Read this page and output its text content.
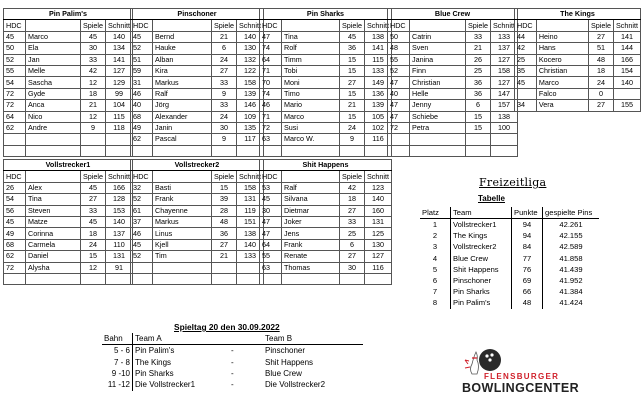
Pin Palim's			
HDC		Spiele	Schnitt
45	Marco	45	140
50	Ela	30	134
52	Jan	33	141
55	Melle	42	127
54	Sascha	12	129
72	Gyde	18	99
72	Anca	21	104
64	Nico	12	115
62	Andre	9	118

Pinschoner			
HDC		Spiele	Schnitt
45	Bernd	21	140
52	Hauke	6	130
51	Alban	24	132
59	Kira	27	122
31	Markus	33	158
46	Ralf	9	139
40	Jörg	33	146
68	Alexander	24	109
49	Janin	30	135
62	Pascal	9	117

Pin Sharks			
HDC		Spiele	Schnitt
47	Tina	45	138
74	Rolf	36	141
64	Timm	15	115
71	Tobi	15	133
70	Moni	27	149
74	Timo	15	136
46	Mario	21	139
71	Marco	15	105
72	Susi	24	102
63	Marco W.	9	116

Blue Crew			
HDC		Spiele	Schnitt
50	Catrin	33	133
48	Sven	21	137
55	Janina	26	127
52	Finn	25	158
47	Christian	36	127
40	Helle	36	147
47	Jenny	6	157
47	Schiebe	15	138
72	Petra	15	100

The Kings			
HDC		Spiele	Schnitt
44	Heino	27	141
42	Hans	51	144
25	Kocero	48	166
35	Christian	18	154
45	Marco	24	140
	Falco	0	
34	Vera	27	155
Vollstrecker1			
HDC		Spiele	Schnitt
26	Alex	45	166
54	Tina	27	128
56	Steven	33	153
45	Matze	45	140
49	Corinna	18	137
68	Carmela	24	110
62	Daniel	15	131
72	Alysha	12	91

Vollstrecker2			
HDC		Spiele	Schnitt
32	Basti	15	158
52	Frank	39	131
61	Chayenne	28	119
37	Markus	48	151
46	Linus	36	138
45	Kjell	27	140
52	Tim	21	133

Shit Happens			
HDC		Spiele	Schnitt
53	Ralf	42	123
45	Silvana	18	140
30	Dietmar	27	160
47	Joker	33	131
47	Jens	25	125
64	Frank	6	130
55	Renate	27	127
63	Thomas	30	116

Freizeitliga
Tabelle
Platz	Team	Punkte	gespielte Pins
1	Vollstrecker1	94	42.261
2	The Kings	94	42.155
3	Vollstrecker2	84	42.589
4	Blue Crew	77	41.858
5	Shit Happens	76	41.439
6	Pinschoner	69	41.952
7	Pin Sharks	66	41.384
8	Pin Palim's	48	41.424
Spieltag 20 den 30.09.2022
Bahn	Team A		Team B
5 - 6	Pin Palim's	-	Pinschoner
7 - 8	The Kings	-	Shit Happens
9 -10	Pin Sharks	-	Blue Crew
11 -12	Die Vollstrecker1	-	Die Vollstrecker2
FLENSBURGER
BOWLINGCENTER
